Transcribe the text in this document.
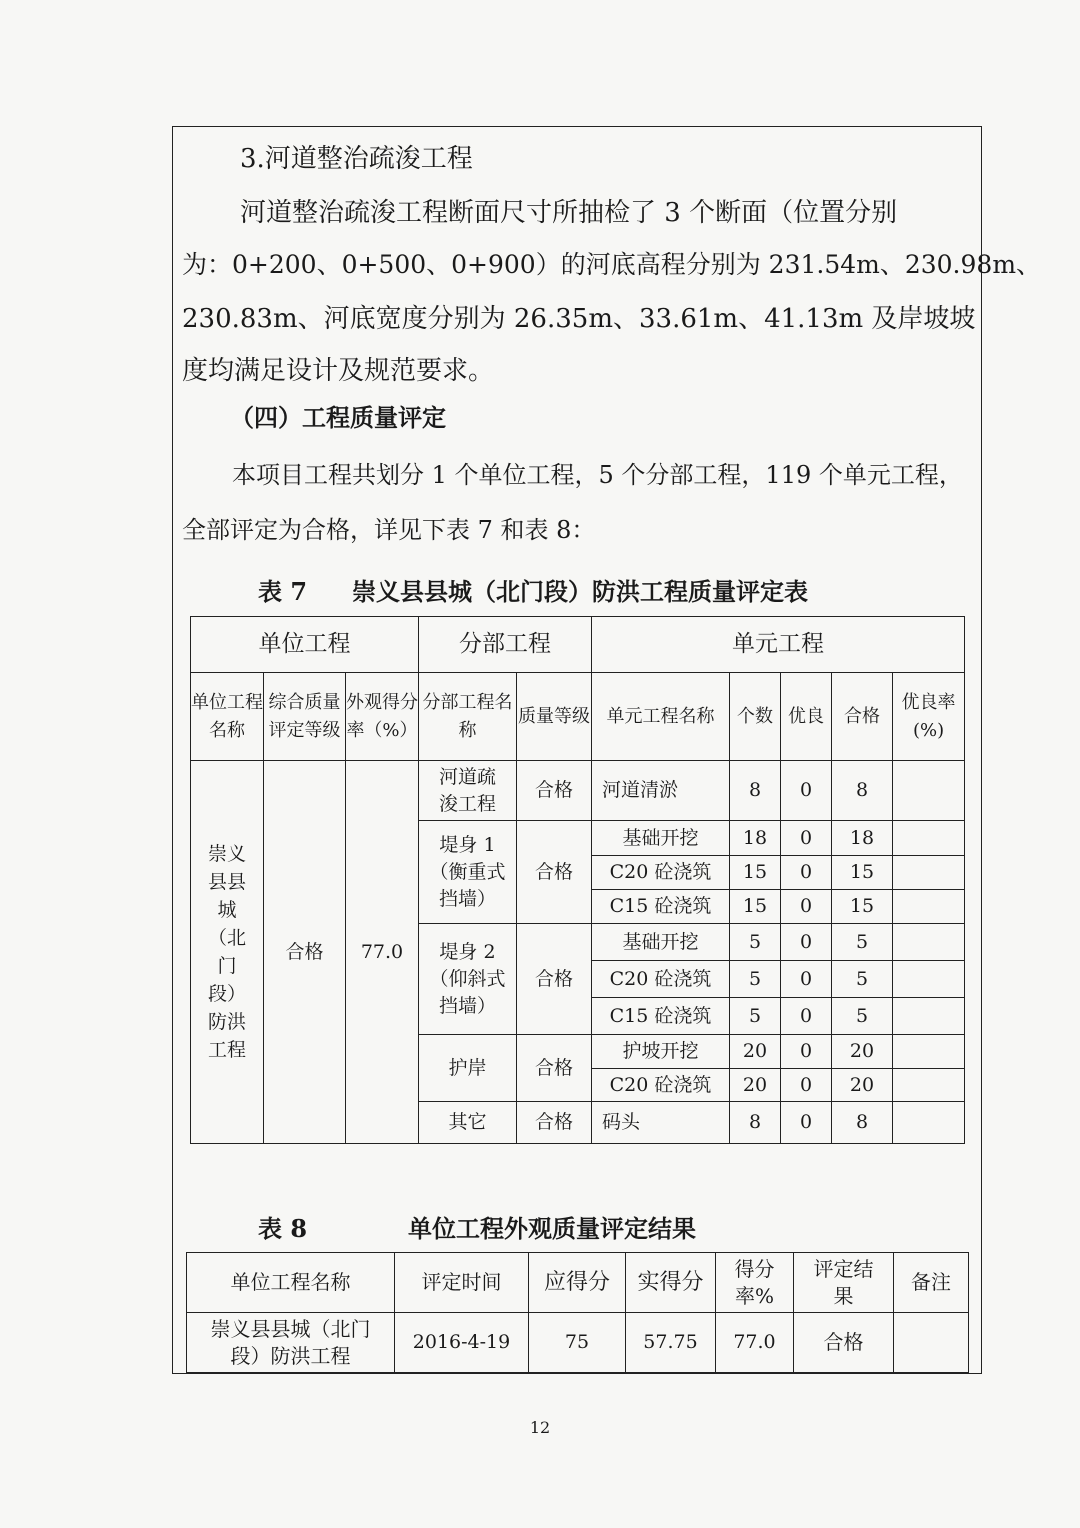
3.河道整治疏浚工程
河道整治疏浚工程断面尺寸所抽检了 3 个断面（位置分别
为：0+200、0+500、0+900）的河底高程分别为 231.54m、230.98m、
230.83m、河底宽度分别为 26.35m、33.61m、41.13m 及岸坡坡
度均满足设计及规范要求。
（四）工程质量评定
本项目工程共划分 1 个单位工程，5 个分部工程，119 个单元工程，
全部评定为合格，详见下表 7 和表 8：
表 7 崇义县县城（北门段）防洪工程质量评定表
单位工程			分部工程		单元工程				
单位工程名称	综合质量评定等级	外观得分率（%）	分部工程名称	质量等级	单元工程名称	个数	优良	合格	优良率(%)
崇义县县城（北门段）防洪工程	合格	77.0	河道疏浚工程	合格	河道清淤	8	0	8	
			堤身 1（衡重式挡墙）	合格	基础开挖	18	0	18	
					C20 砼浇筑	15	0	15	
					C15 砼浇筑	15	0	15	
			堤身 2（仰斜式挡墙）	合格	基础开挖	5	0	5	
					C20 砼浇筑	5	0	5	
					C15 砼浇筑	5	0	5	
			护岸	合格	护坡开挖	20	0	20	
					C20 砼浇筑	20	0	20	
			其它	合格	码头	8	0	8	
表 8	单位工程外观质量评定结果
单位工程名称	评定时间	应得分	实得分	得分率%	评定结果	备注
崇义县县城（北门段）防洪工程	2016-4-19	75	57.75	77.0	合格	
12
